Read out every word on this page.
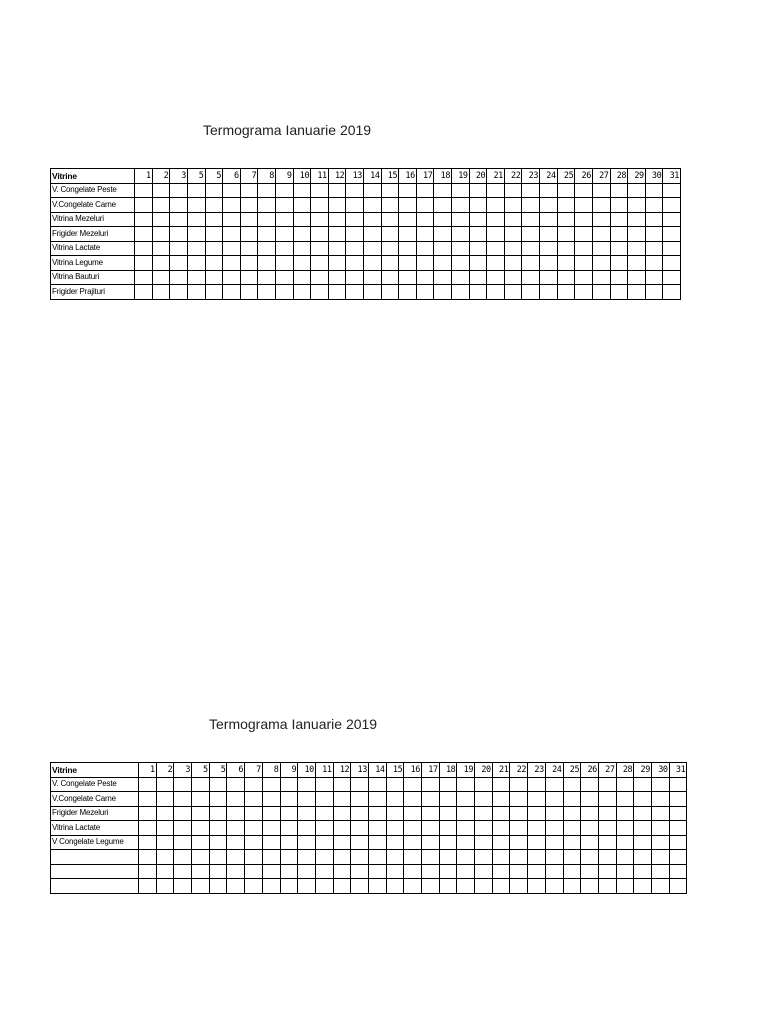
Termograma Ianuarie 2019
Vitrine	1	2	3	5	5	6	7	8	9	10	11	12	13	14	15	16	17	18	19	20	21	22	23	24	25	26	27	28	29	30	31
V. Congelate Peste																															
V.Congelate Carne																															
Vitrina Mezeluri																															
Frigider Mezeluri																															
Vitrina Lactate																															
Vitrina Legume																															
Vitrina Bauturi																															
Frigider Prajituri																															
Termograma Ianuarie 2019
Vitrine	1	2	3	5	5	6	7	8	9	10	11	12	13	14	15	16	17	18	19	20	21	22	23	24	25	26	27	28	29	30	31
V. Congelate Peste																															
V.Congelate Carne																															
Frigider Mezeluri																															
Vitrina Lactate																															
V Congelate Legume																															
